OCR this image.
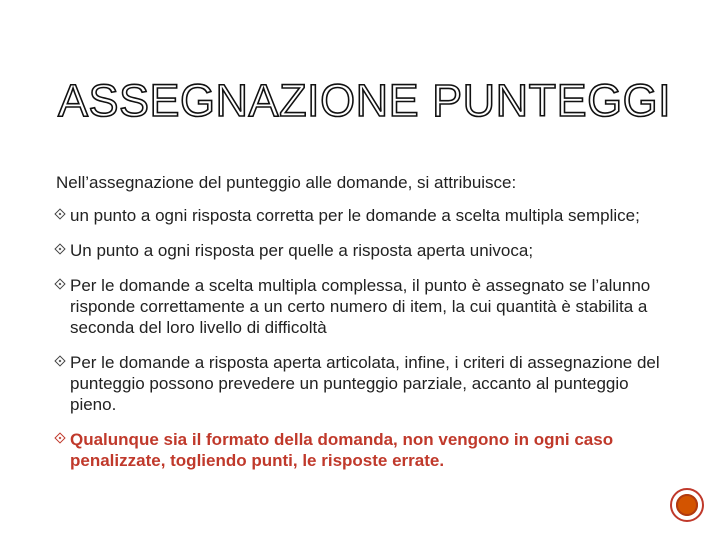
ASSEGNAZIONE PUNTEGGI

Nell’assegnazione del punteggio alle domande, si attribuisce:

un punto a ogni risposta corretta per le domande a scelta multipla semplice;
Un punto a ogni risposta per quelle a risposta aperta univoca;
Per le domande a scelta multipla complessa, il punto è assegnato se l’alunno risponde correttamente a un certo numero di item, la cui quantità è stabilita a seconda del loro livello di difficoltà
Per le domande a risposta aperta articolata, infine, i criteri di assegnazione del punteggio possono prevedere un punteggio parziale, accanto al punteggio pieno.
Qualunque sia il formato della domanda, non vengono in ogni caso penalizzate, togliendo punti, le risposte errate.
